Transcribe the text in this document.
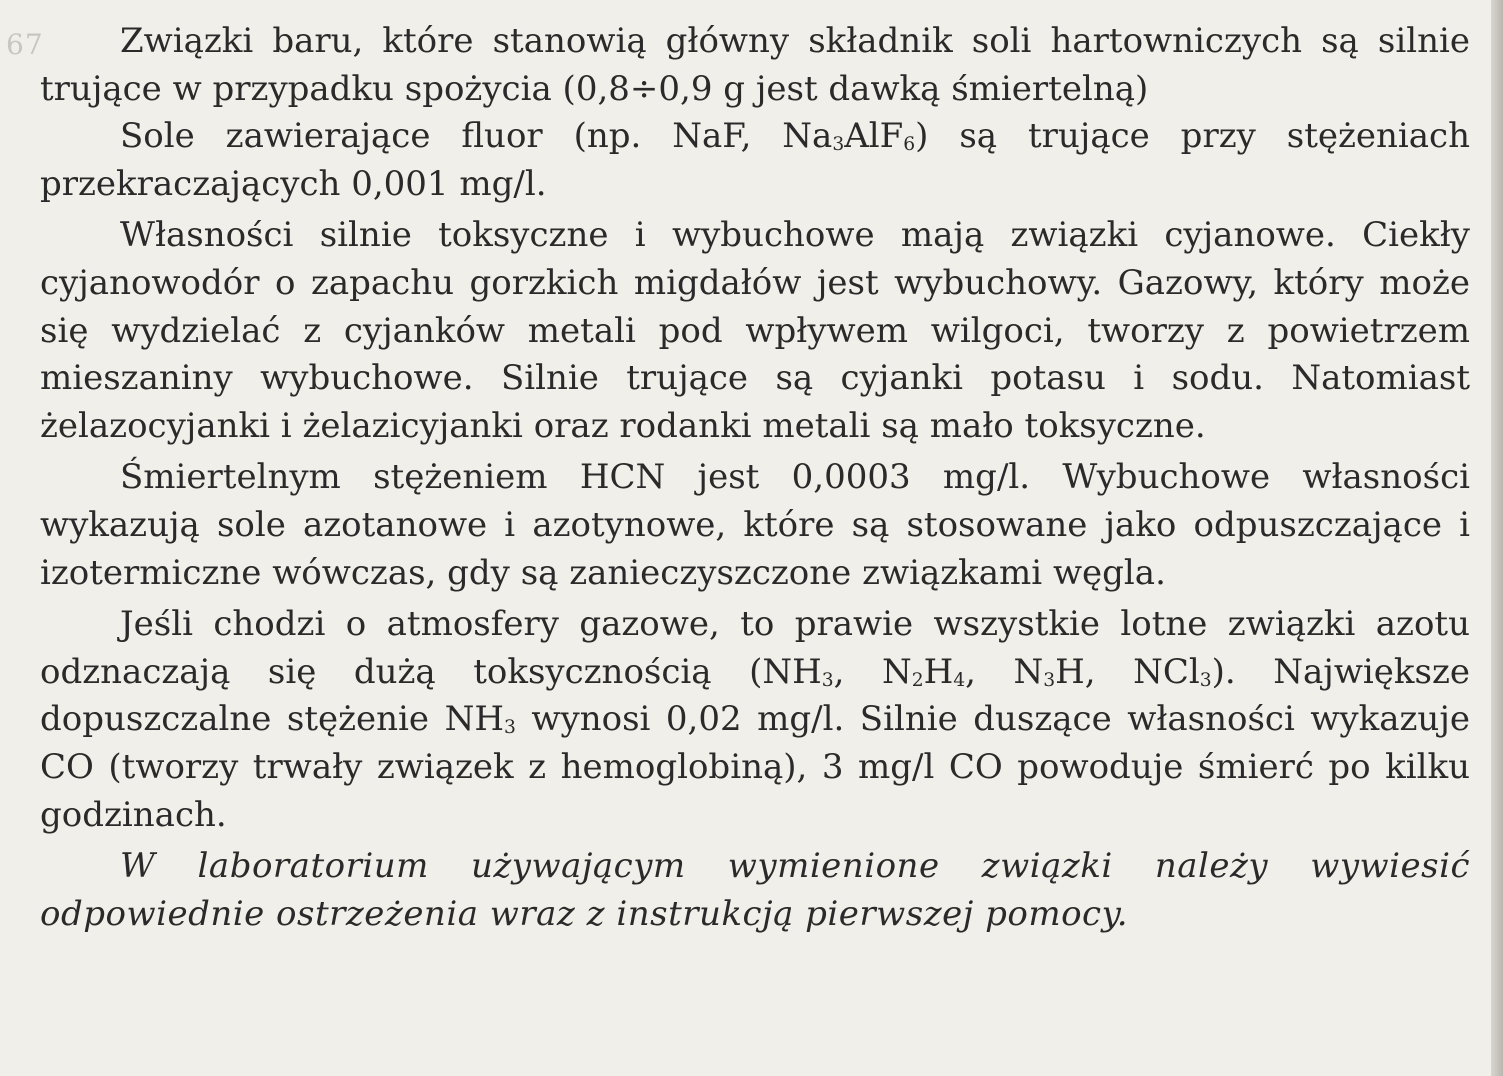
67	Związki baru, które stanowią główny składnik soli hartowniczych są silnie trujące w przypadku spożycia (0,8÷0,9 g jest dawką śmiertelną)

Sole zawierające fluor (np. NaF, $Na_3AlF_6$) są trujące przy stężeniach przekraczających 0,001 mg/l.

Własności silnie toksyczne i wybuchowe mają związki cyjanowe. Ciekły cyjanowodór o zapachu gorzkich migdałów jest wybuchowy. Gazowy, który może się wydzielać z cyjanków metali pod wpływem wilgoci, tworzy z powietrzem mieszaniny wybuchowe. Silnie trujące są cyjanki potasu i sodu. Natomiast żelazocyjanki i żelazicyjanki oraz rodanki metali są mało toksyczne.

Śmiertelnym stężeniem HCN jest 0,0003 mg/l. Wybuchowe własności wykazują sole azotanowe i azotynowe, które są stosowane jako odpuszczające i izotermiczne wówczas, gdy są zanieczyszczone związkami węgla.

Jeśli chodzi o atmosfery gazowe, to prawie wszystkie lotne związki azotu odznaczają się dużą toksycznością ($NH_3$, $N_2H_4$, $N_3H$, NCl$_3$). Największe dopuszczalne stężenie $NH_3$ wynosi 0,02 mg/l. Silnie duszące własności wykazuje CO (tworzy trwały związek z hemoglobiną), 3 mg/l CO powoduje śmierć po kilku godzinach.

W laboratorium używającym wymienione związki należy wywiesić odpowiednie ostrzeżenia wraz z instrukcją pierwszej pomocy.
